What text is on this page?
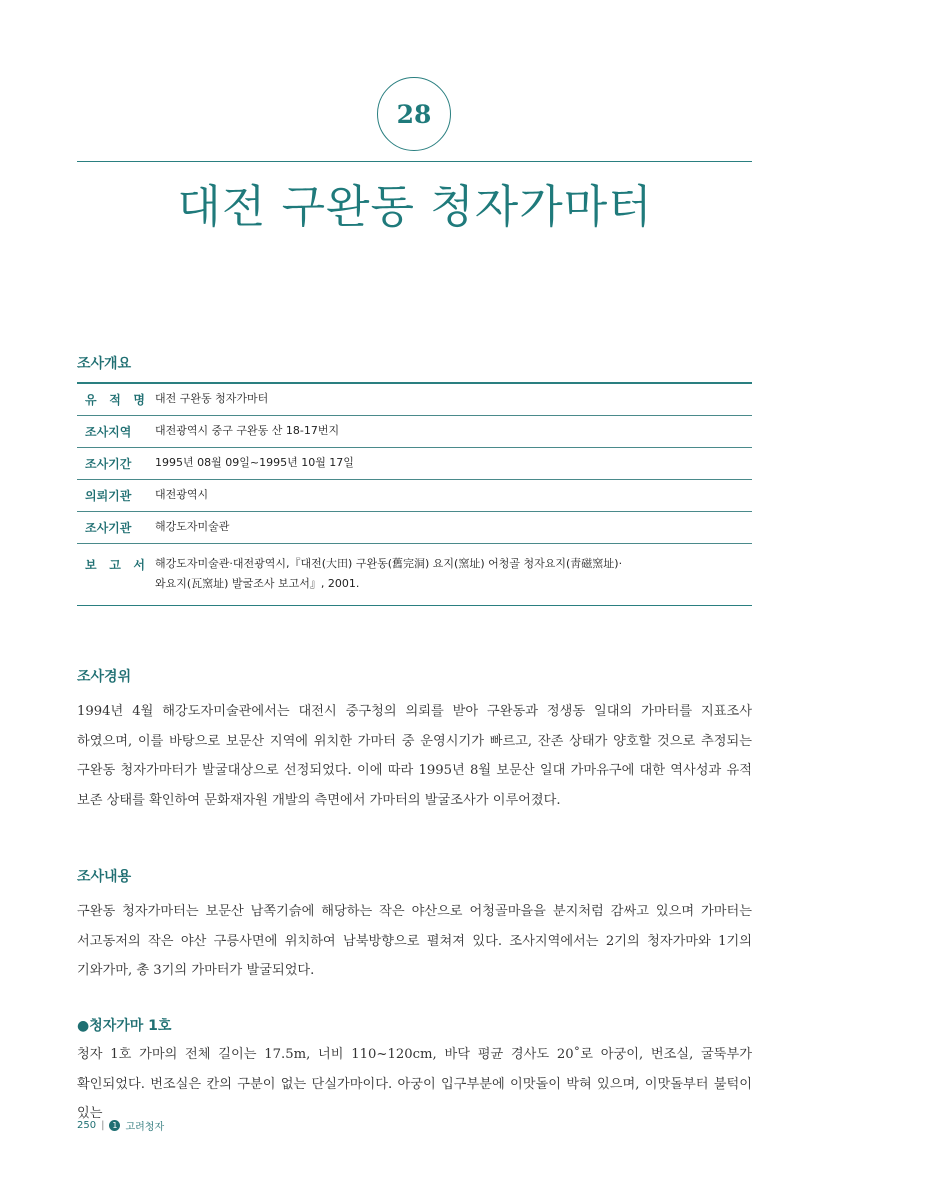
28
대전 구완동 청자가마터
조사개요
유 적 명	대전 구완동 청자가마터
조사지역	대전광역시 중구 구완동 산 18-17번지
조사기간	1995년 08월 09일~1995년 10월 17일
의뢰기관	대전광역시
조사기관	해강도자미술관
보 고 서	해강도자미술관·대전광역시,『대전(大田) 구완동(舊完洞) 요지(窯址) 어청골 청자요지(靑磁窯址)·
와요지(瓦窯址) 발굴조사 보고서』, 2001.
조사경위
1994년 4월 해강도자미술관에서는 대전시 중구청의 의뢰를 받아 구완동과 정생동 일대의 가마터를 지표조사 하였으며, 이를 바탕으로 보문산 지역에 위치한 가마터 중 운영시기가 빠르고, 잔존 상태가 양호할 것으로 추정되는 구완동 청자가마터가 발굴대상으로 선정되었다. 이에 따라 1995년 8월 보문산 일대 가마유구에 대한 역사성과 유적 보존 상태를 확인하여 문화재자원 개발의 측면에서 가마터의 발굴조사가 이루어졌다.
조사내용
구완동 청자가마터는 보문산 남쪽기슭에 해당하는 작은 야산으로 어청골마을을 분지처럼 감싸고 있으며 가마터는 서고동저의 작은 야산 구릉사면에 위치하여 남북방향으로 펼쳐져 있다. 조사지역에서는 2기의 청자가마와 1기의 기와가마, 총 3기의 가마터가 발굴되었다.
●청자가마 1호
청자 1호 가마의 전체 길이는 17.5m, 너비 110~120cm, 바닥 평균 경사도 20˚로 아궁이, 번조실, 굴뚝부가 확인되었다. 번조실은 칸의 구분이 없는 단실가마이다. 아궁이 입구부분에 이맛돌이 박혀 있으며, 이맛돌부터 불턱이 있는
250 | 1 고려청자
